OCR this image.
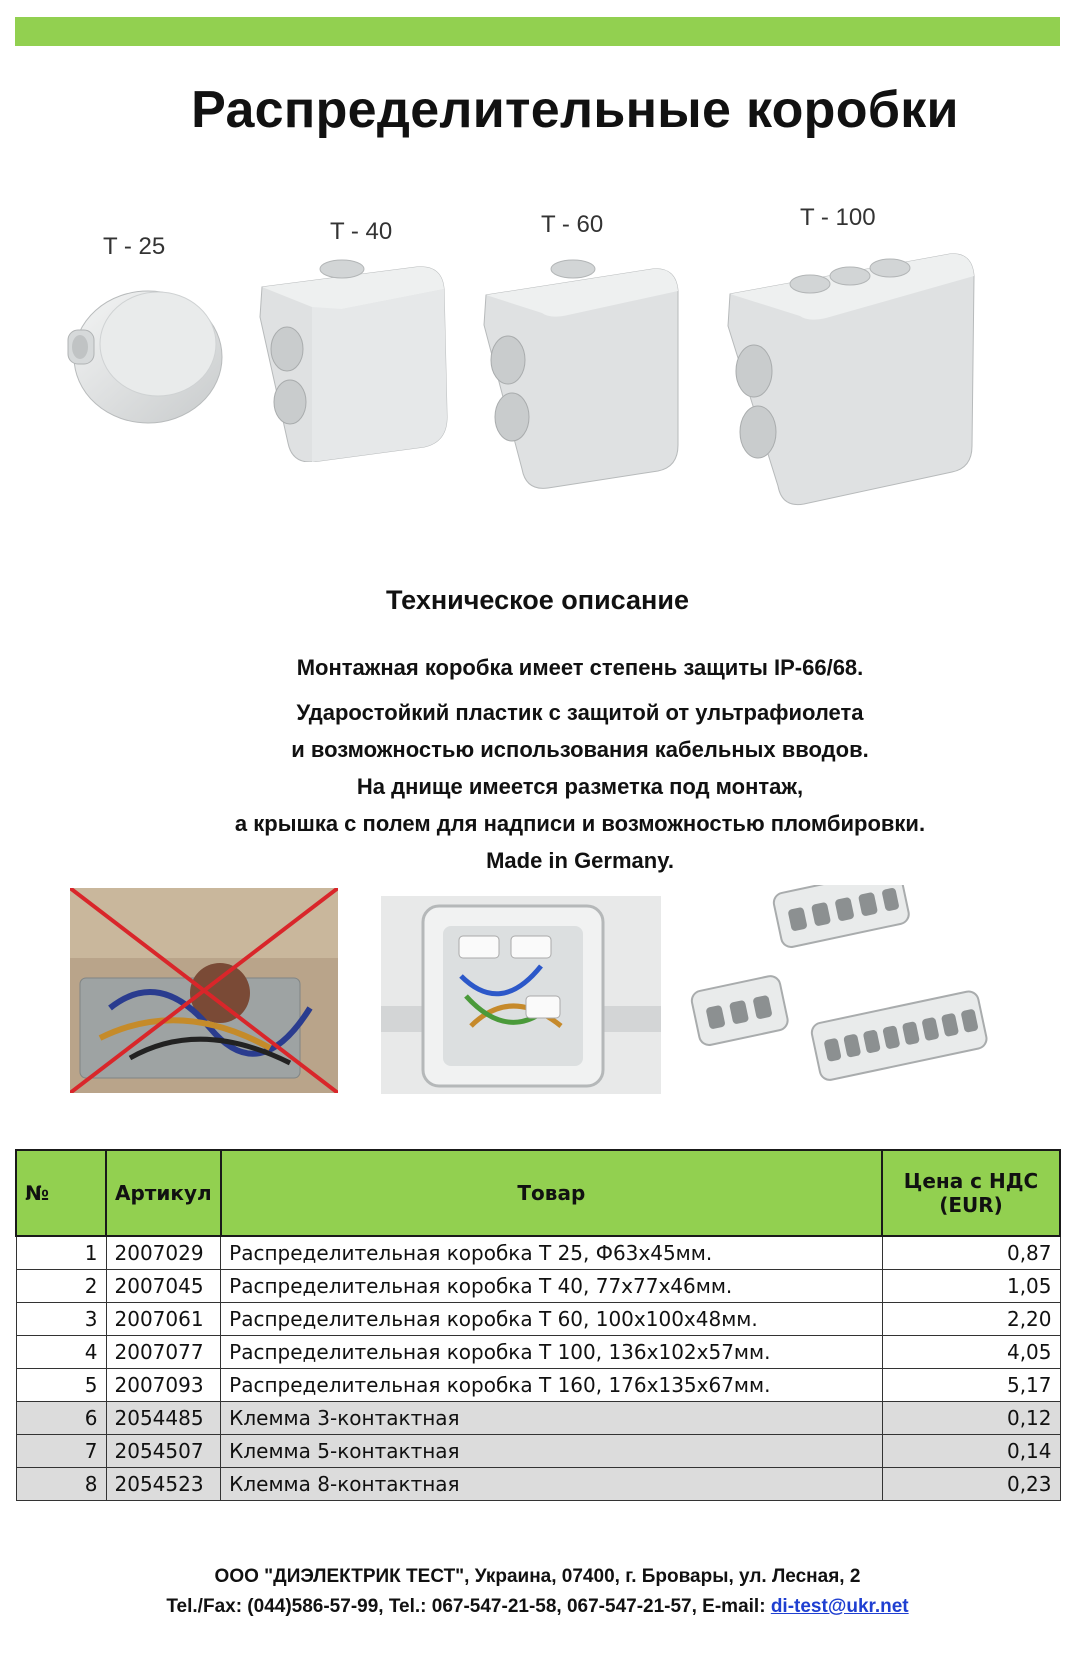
Распределительные коробки
T - 25
T - 40	T - 60	T - 100
Техническое описание
Монтажная коробка имеет степень защиты IP-66/68.
Ударостойкий пластик с защитой от ультрафиолета
и возможностью использования кабельных вводов.
На днище имеется разметка под монтаж,
а крышка с полем для надписи и возможностью пломбировки.
Made in Germany.
№	Артикул	Товар	Цена с НДС
(EUR)

1	2007029	Распределительная коробка Т 25, Ф63х45мм.	0,87
2	2007045	Распределительная коробка Т 40, 77х77х46мм.	1,05
3	2007061	Распределительная коробка Т 60, 100х100х48мм.	2,20
4	2007077	Распределительная коробка Т 100, 136х102х57мм.	4,05
5	2007093	Распределительная коробка Т 160, 176х135х67мм.	5,17
6	2054485	Клемма 3-контактная	0,12
7	2054507	Клемма 5-контактная	0,14
8	2054523	Клемма 8-контактная	0,23
ООО "ДИЭЛЕКТРИК ТЕСТ", Украина, 07400, г. Бровары, ул. Лесная, 2
Tel./Fax: (044)586-57-99, Tel.: 067-547-21-58, 067-547-21-57, E-mail: di-test@ukr.net
